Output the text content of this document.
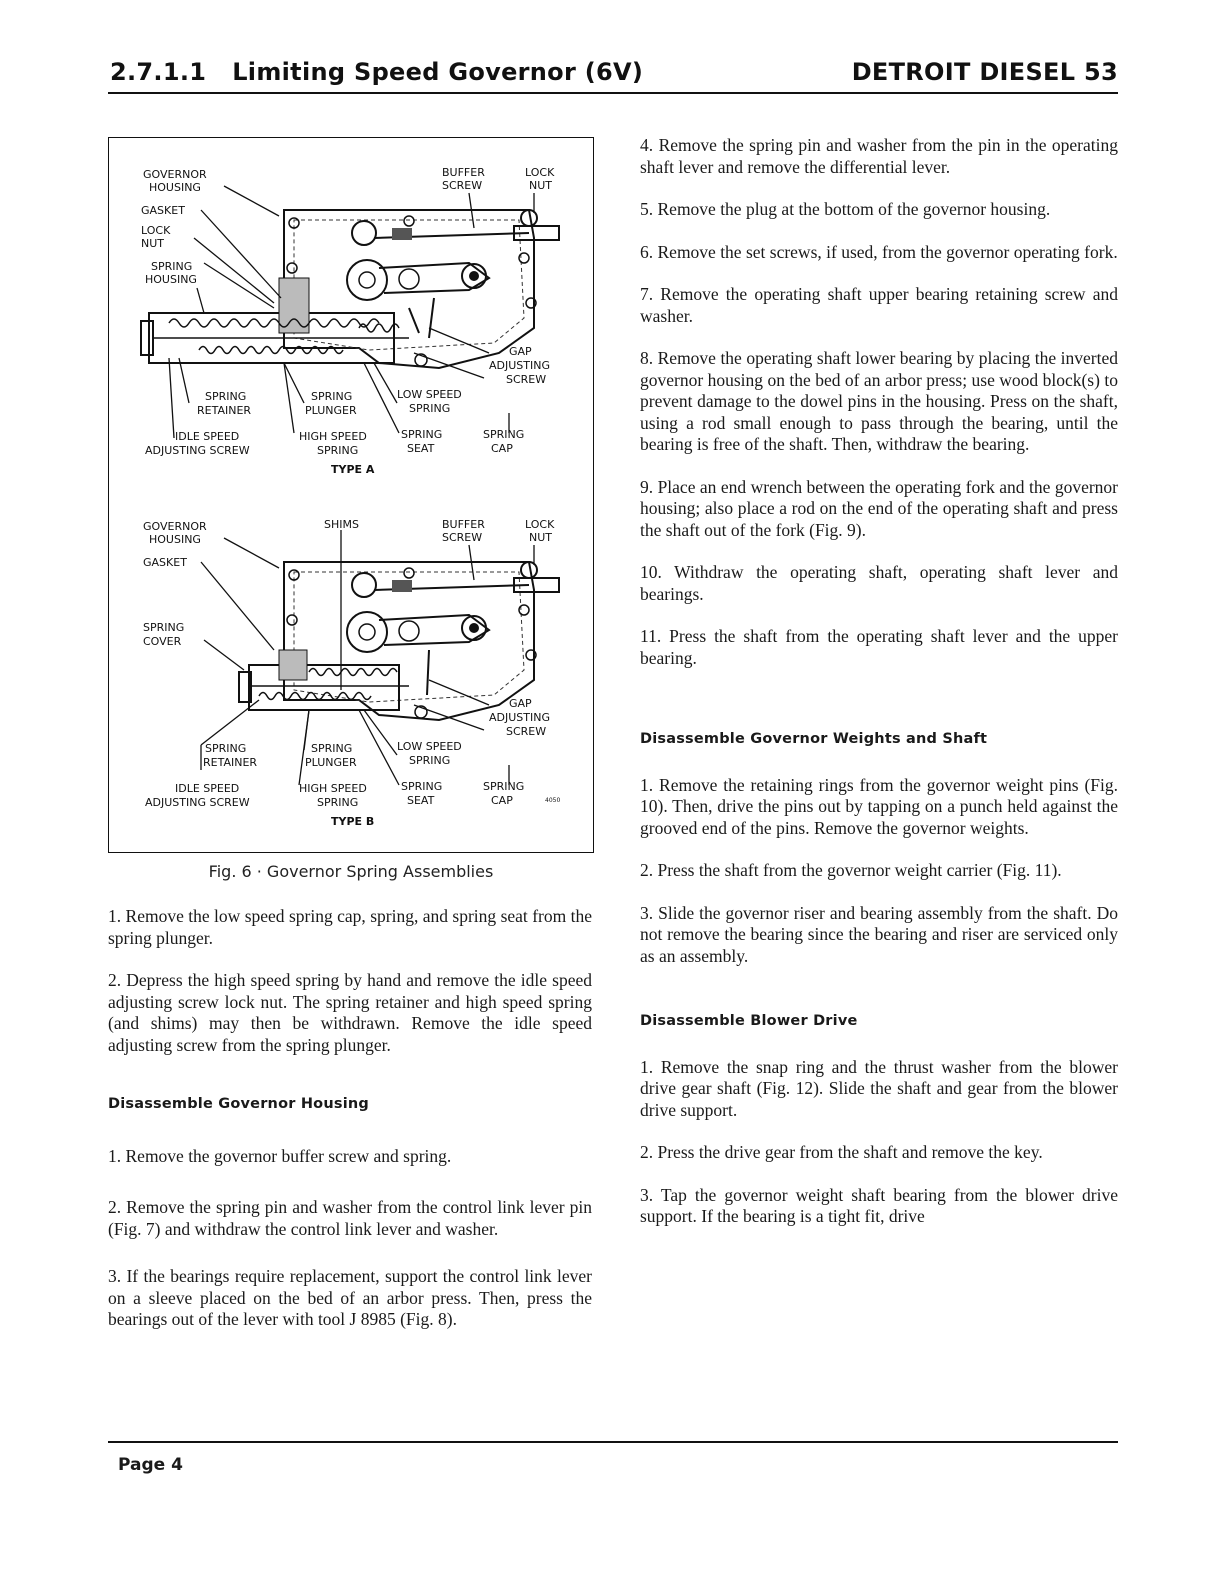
2.7.1.1   Limiting Speed Governor (6V)	DETROIT DIESEL 53
GOVERNOR
HOUSING
GASKET
LOCK
NUT
SPRING
HOUSING
BUFFER
SCREW
LOCK
NUT
GAP
ADJUSTING
SCREW
SPRING
RETAINER
SPRING
PLUNGER
LOW SPEED
SPRING
IDLE SPEED
ADJUSTING SCREW
HIGH SPEED
SPRING
SPRING
SEAT
SPRING
CAP
TYPE A
GOVERNOR
HOUSING
SHIMS
GASKET
SPRING
COVER
BUFFER
SCREW
LOCK
NUT
GAP
ADJUSTING
SCREW
SPRING
RETAINER
SPRING
PLUNGER
LOW SPEED
SPRING
IDLE SPEED
ADJUSTING SCREW
HIGH SPEED
SPRING
SPRING
SEAT
SPRING
CAP	4050
TYPE B
Fig. 6 · Governor Spring Assemblies

1. Remove the low speed spring cap, spring, and spring seat from the spring plunger.

2. Depress the high speed spring by hand and remove the idle speed adjusting screw lock nut. The spring retainer and high speed spring (and shims) may then be withdrawn. Remove the idle speed adjusting screw from the spring plunger.

Disassemble Governor Housing

1. Remove the governor buffer screw and spring.

2. Remove the spring pin and washer from the control link lever pin (Fig. 7) and withdraw the control link lever and washer.

3. If the bearings require replacement, support the control link lever on a sleeve placed on the bed of an arbor press. Then, press the bearings out of the lever with tool J 8985 (Fig. 8).

4. Remove the spring pin and washer from the pin in the operating shaft lever and remove the differential lever.

5. Remove the plug at the bottom of the governor housing.

6. Remove the set screws, if used, from the governor operating fork.

7. Remove the operating shaft upper bearing retaining screw and washer.

8. Remove the operating shaft lower bearing by placing the inverted governor housing on the bed of an arbor press; use wood block(s) to prevent damage to the dowel pins in the housing. Press on the shaft, using a rod small enough to pass through the bearing, until the bearing is free of the shaft. Then, withdraw the bearing.

9. Place an end wrench between the operating fork and the governor housing; also place a rod on the end of the operating shaft and press the shaft out of the fork (Fig. 9).

10. Withdraw the operating shaft, operating shaft lever and bearings.

11. Press the shaft from the operating shaft lever and the upper bearing.

Disassemble Governor Weights and Shaft

1. Remove the retaining rings from the governor weight pins (Fig. 10). Then, drive the pins out by tapping on a punch held against the grooved end of the pins. Remove the governor weights.

2. Press the shaft from the governor weight carrier (Fig. 11).

3. Slide the governor riser and bearing assembly from the shaft. Do not remove the bearing since the bearing and riser are serviced only as an assembly.

Disassemble Blower Drive

1. Remove the snap ring and the thrust washer from the blower drive gear shaft (Fig. 12). Slide the shaft and gear from the blower drive support.

2. Press the drive gear from the shaft and remove the key.

3. Tap the governor weight shaft bearing from the blower drive support. If the bearing is a tight fit, drive

Page 4
